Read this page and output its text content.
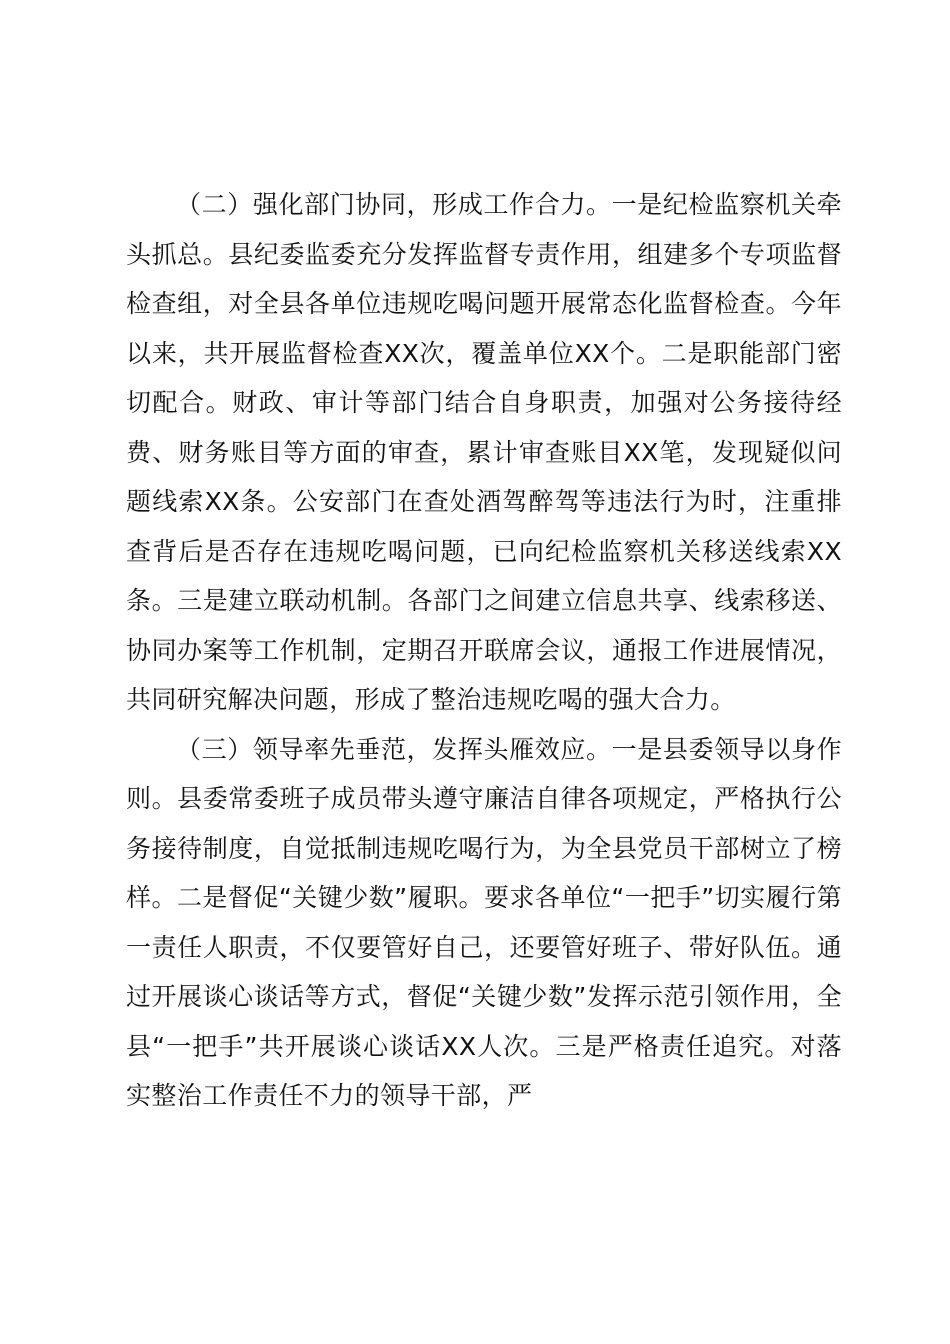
（二）强化部门协同，形成工作合力。一是纪检监察机关牵头抓总。县纪委监委充分发挥监督专责作用，组建多个专项监督检查组，对全县各单位违规吃喝问题开展常态化监督检查。今年以来，共开展监督检查XX次，覆盖单位XX个。二是职能部门密切配合。财政、审计等部门结合自身职责，加强对公务接待经费、财务账目等方面的审查，累计审查账目XX笔，发现疑似问题线索XX条。公安部门在查处酒驾醉驾等违法行为时，注重排查背后是否存在违规吃喝问题，已向纪检监察机关移送线索XX条。三是建立联动机制。各部门之间建立信息共享、线索移送、协同办案等工作机制，定期召开联席会议，通报工作进展情况，共同研究解决问题，形成了整治违规吃喝的强大合力。

（三）领导率先垂范，发挥头雁效应。一是县委领导以身作则。县委常委班子成员带头遵守廉洁自律各项规定，严格执行公务接待制度，自觉抵制违规吃喝行为，为全县党员干部树立了榜样。二是督促“关键少数”履职。要求各单位“一把手”切实履行第一责任人职责，不仅要管好自己，还要管好班子、带好队伍。通过开展谈心谈话等方式，督促“关键少数”发挥示范引领作用，全县“一把手”共开展谈心谈话XX人次。三是严格责任追究。对落实整治工作责任不力的领导干部，严
